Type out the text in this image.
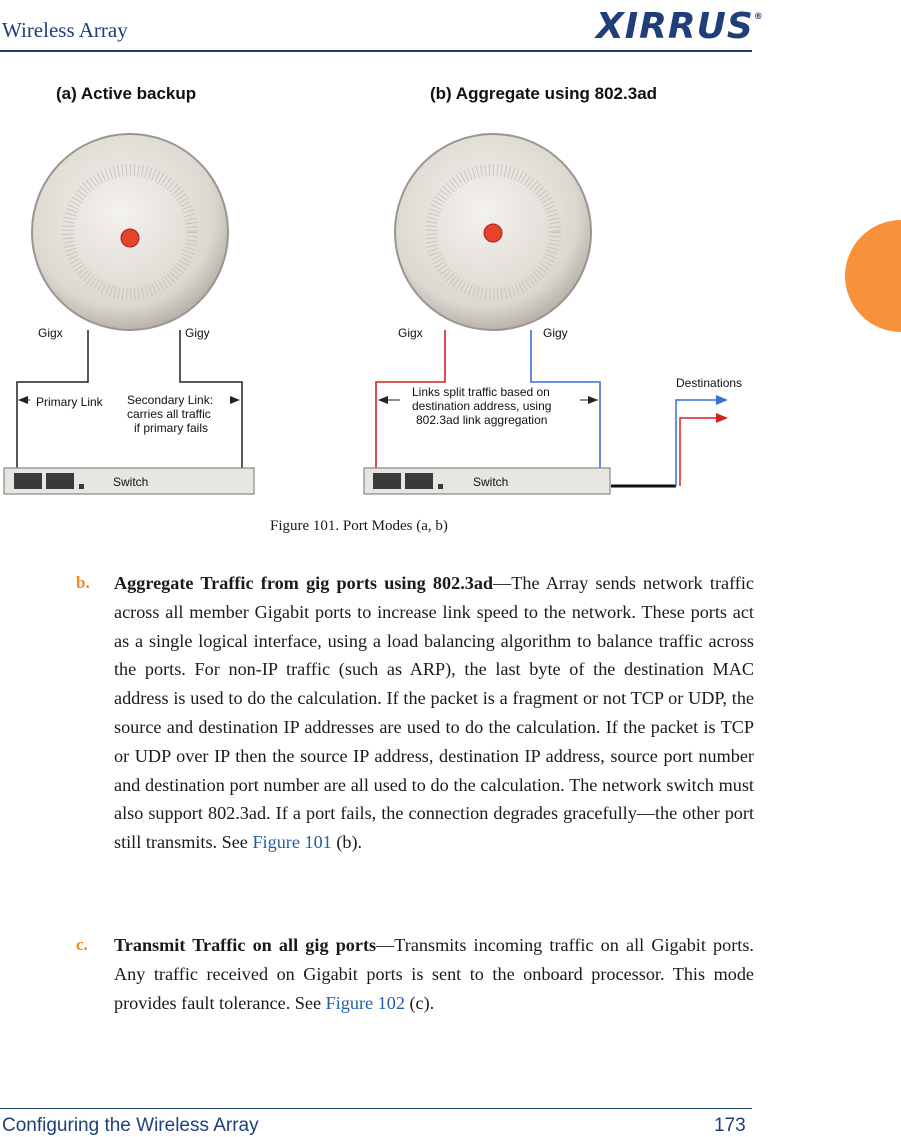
Wireless Array	XIRRUS®
(a) Active backup	(b) Aggregate using 802.3ad
Gigx	Gigy
Primary Link Secondary Link:
carries all traffic
if primary fails
Switch
Gigx	Gigy
Links split traffic based on
destination address, using
802.3ad link aggregation
Switch
Destinations
Figure 101. Port Modes (a, b)
b. Aggregate Traffic from gig ports using 802.3ad—The Array sends network traffic across all member Gigabit ports to increase link speed to the network. These ports act as a single logical interface, using a load balancing algorithm to balance traffic across the ports. For non-IP traffic (such as ARP), the last byte of the destination MAC address is used to do the calculation. If the packet is a fragment or not TCP or UDP, the source and destination IP addresses are used to do the calculation. If the packet is TCP or UDP over IP then the source IP address, destination IP address, source port number and destination port number are all used to do the calculation. The network switch must also support 802.3ad. If a port fails, the connection degrades gracefully—the other port still transmits. See Figure 101 (b).
c. Transmit Traffic on all gig ports—Transmits incoming traffic on all Gigabit ports. Any traffic received on Gigabit ports is sent to the onboard processor. This mode provides fault tolerance. See Figure 102 (c).
Configuring the Wireless Array	173
